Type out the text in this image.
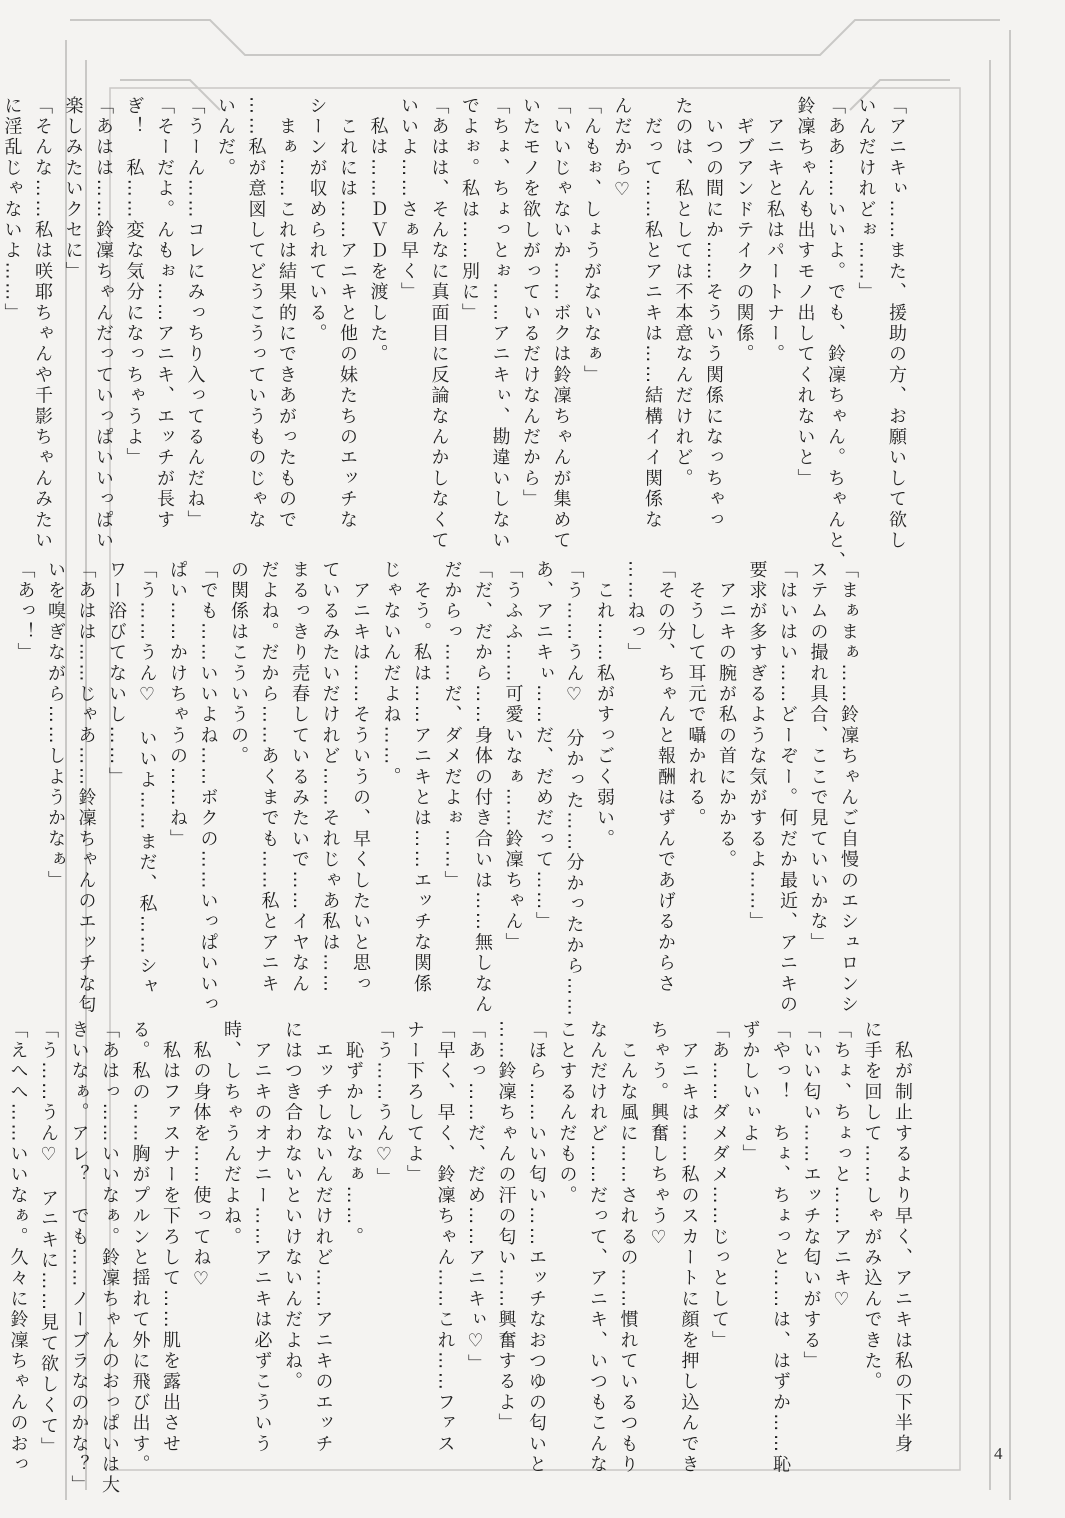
「アニキぃ……また、援助の方、お願いして欲し
いんだけれどぉ……」
「ああ……いいよ。でも、鈴凜ちゃん。ちゃんと、
鈴凜ちゃんも出すモノ出してくれないと」
　アニキと私はパートナー。
　ギブアンドテイクの関係。
　いつの間にか……そういう関係になっちゃっ
たのは、私としては不本意なんだけれど。
　だって……私とアニキは……結構イイ関係な
んだから♡
「んもぉ、しょうがないなぁ」
「いいじゃないか……ボクは鈴凜ちゃんが集めて
いたモノを欲しがっているだけなんだから」
「ちょ、ちょっとぉ……アニキぃ、勘違いしない
でよぉ。私は……別に」
「あはは、そんなに真面目に反論なんかしなくて
いいよ……さぁ早く」
　私は……ＤＶＤを渡した。
　これには……アニキと他の妹たちのエッチな
シーンが収められている。
　まぁ……これは結果的にできあがったもので
……私が意図してどうこうっていうものじゃな
いんだ。
「うーん……コレにみっちり入ってるんだね」
「そーだよ。んもぉ……アニキ、エッチが長す
ぎ！　私……変な気分になっちゃうよ」
「あはは……鈴凜ちゃんだっていっぱいいっぱい
楽しみたいクセに」
「そんな……私は咲耶ちゃんや千影ちゃんみたい
に淫乱じゃないよ……」
「まぁまぁ……鈴凜ちゃんご自慢のエシュロンシ
ステムの撮れ具合、ここで見ていいかな」
「はいはい……どーぞー。何だか最近、アニキの
要求が多すぎるような気がするよ……」
　アニキの腕が私の首にかかる。
　そうして耳元で囁かれる。
「その分、ちゃんと報酬はずんであげるからさ
……ねっ」
　これ……私がすっごく弱い。
「う……うん♡　分かった……分かったから……
あ、アニキぃ……だ、だめだって……」
「うふふ……可愛いなぁ……鈴凜ちゃん」
「だ、だから……身体の付き合いは……無しなん
だからっ……だ、ダメだよぉ……」
　そう。私は……アニキとは……エッチな関係
じゃないんだよね……。
　アニキは……そういうの、早くしたいと思っ
ているみたいだけれど……それじゃあ私は……
まるっきり売春しているみたいで……イヤなん
だよね。だから……あくまでも……私とアニキ
の関係はこういうの。
「でも……いいよね……ボクの……いっぱいいっ
ぱい……かけちゃうの……ね」
「う……うん♡　いいよ……まだ、私……シャ
ワー浴びてないし……」
「あはは……じゃあ……鈴凜ちゃんのエッチな匂
いを嗅ぎながら……しようかなぁ」
「あっ！」
　私が制止するより早く、アニキは私の下半身
に手を回して……しゃがみ込んできた。
「ちょ、ちょっと……アニキ♡
「いい匂い……エッチな匂いがする」
「やっ！　ちょ、ちょっと……は、はずか……恥
ずかしいぃよ」
「あ……ダメダメ……じっとして」
　アニキは……私のスカートに顔を押し込んでき
ちゃう。興奮しちゃう♡
　こんな風に……されるの……慣れているつもり
なんだけれど……だって、アニキ、いつもこんな
ことするんだもの。
「ほら……いい匂い……エッチなおつゆの匂いと
……鈴凜ちゃんの汗の匂い……興奮するよ」
「あっ……だ、だめ……アニキぃ♡」
「早く、早く、鈴凜ちゃん……これ……ファス
ナー下ろしてよ」
「う……うん♡」
　恥ずかしいなぁ……。
　エッチしないんだけれど……アニキのエッチ
にはつき合わないといけないんだよね。
　アニキのオナニー……アニキは必ずこういう
時、しちゃうんだよね。
　私の身体を……使ってね♡
　私はファスナーを下ろして……肌を露出させ
る。私の……胸がプルンと揺れて外に飛び出す。
「あはっ……いいなぁ。鈴凜ちゃんのおっぱいは大
きいなぁ。アレ？　でも……ノーブラなのかな？」
「う……うん♡　アニキに……見て欲しくて」
「えへへ……いいなぁ。久々に鈴凜ちゃんのおっ	4
